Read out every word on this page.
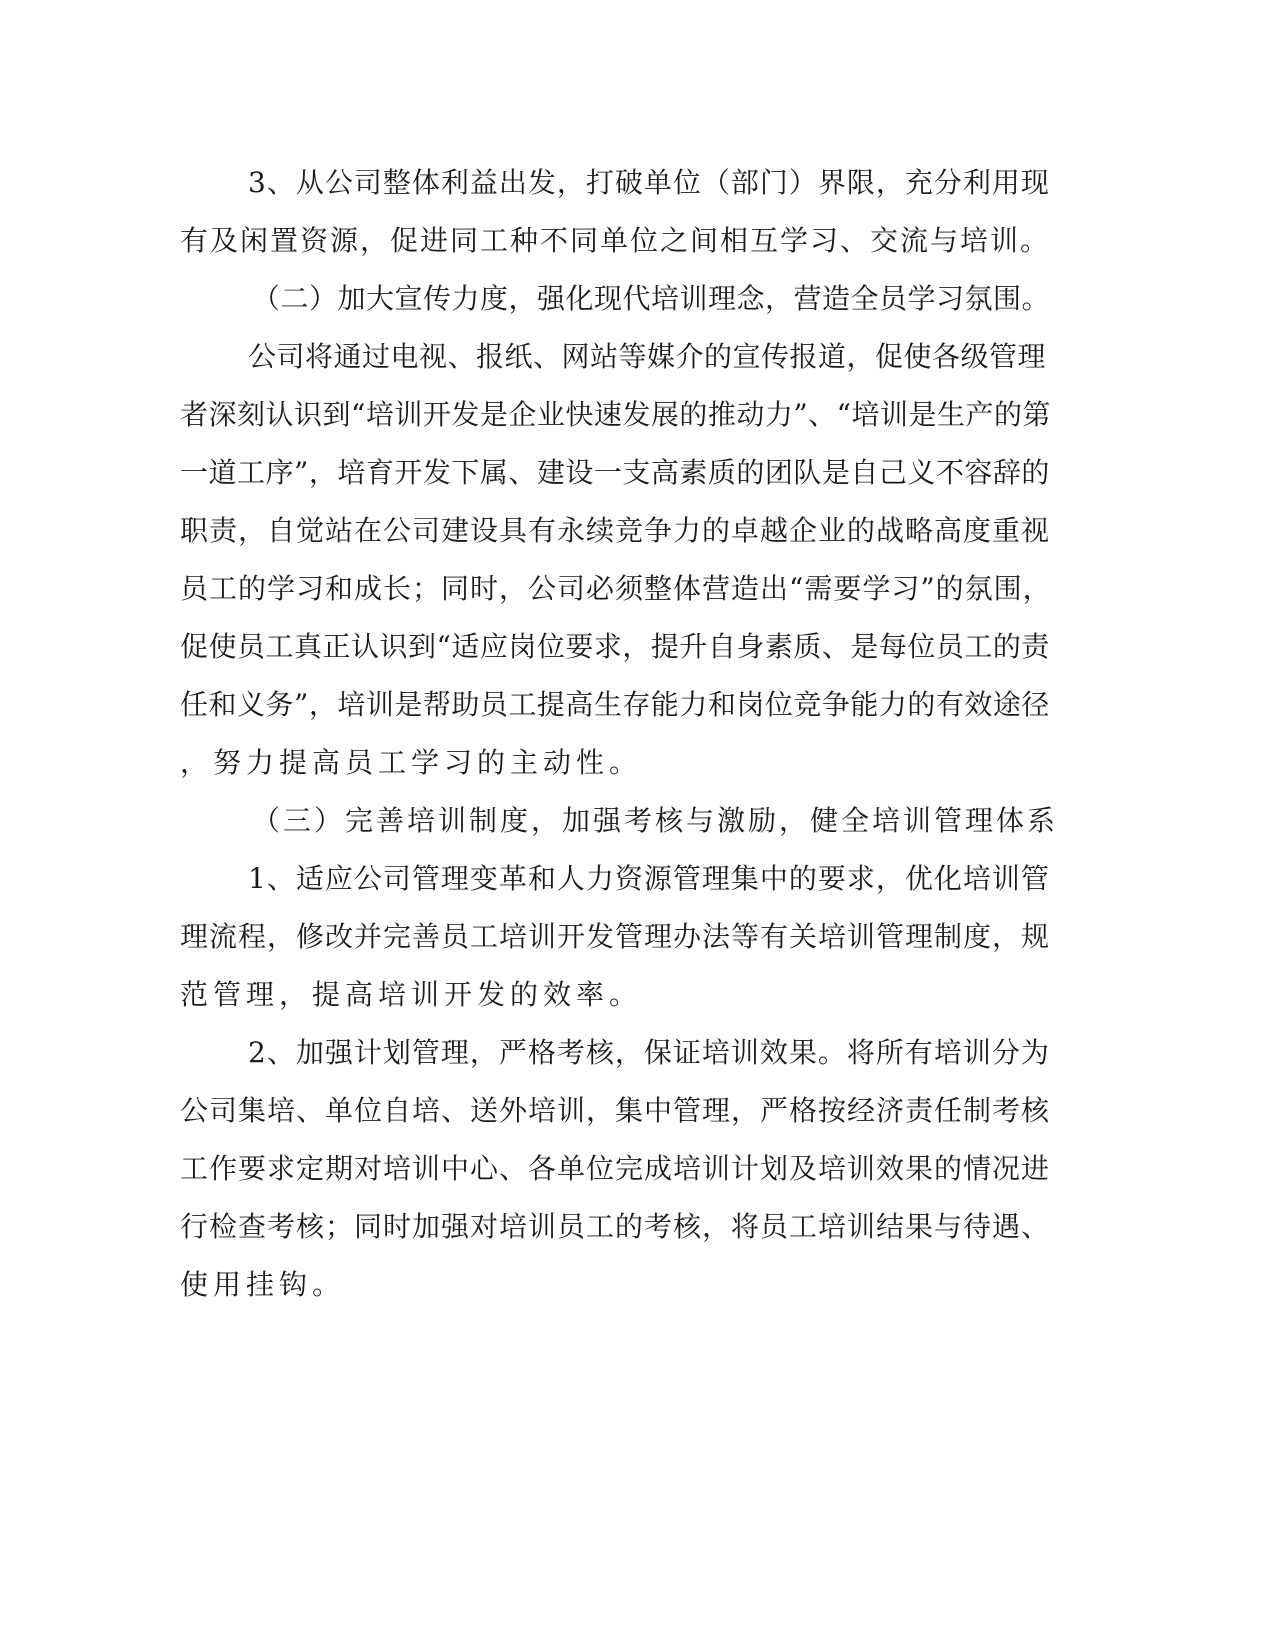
3、从公司整体利益出发，打破单位（部门）界限，充分利用现
有及闲置资源，促进同工种不同单位之间相互学习、交流与培训。
（二）加大宣传力度，强化现代培训理念，营造全员学习氛围。
公司将通过电视、报纸、网站等媒介的宣传报道，促使各级管理
者深刻认识到“培训开发是企业快速发展的推动力”、“培训是生产的第
一道工序”，培育开发下属、建设一支高素质的团队是自己义不容辞的
职责，自觉站在公司建设具有永续竞争力的卓越企业的战略高度重视
员工的学习和成长；同时，公司必须整体营造出“需要学习”的氛围，
促使员工真正认识到“适应岗位要求，提升自身素质、是每位员工的责
任和义务”，培训是帮助员工提高生存能力和岗位竞争能力的有效途径
，努力提高员工学习的主动性。
（三）完善培训制度，加强考核与激励，健全培训管理体系
1、适应公司管理变革和人力资源管理集中的要求，优化培训管
理流程，修改并完善员工培训开发管理办法等有关培训管理制度，规
范管理，提高培训开发的效率。
2、加强计划管理，严格考核，保证培训效果。将所有培训分为
公司集培、单位自培、送外培训，集中管理，严格按经济责任制考核
工作要求定期对培训中心、各单位完成培训计划及培训效果的情况进
行检查考核；同时加强对培训员工的考核，将员工培训结果与待遇、
使用挂钩。
